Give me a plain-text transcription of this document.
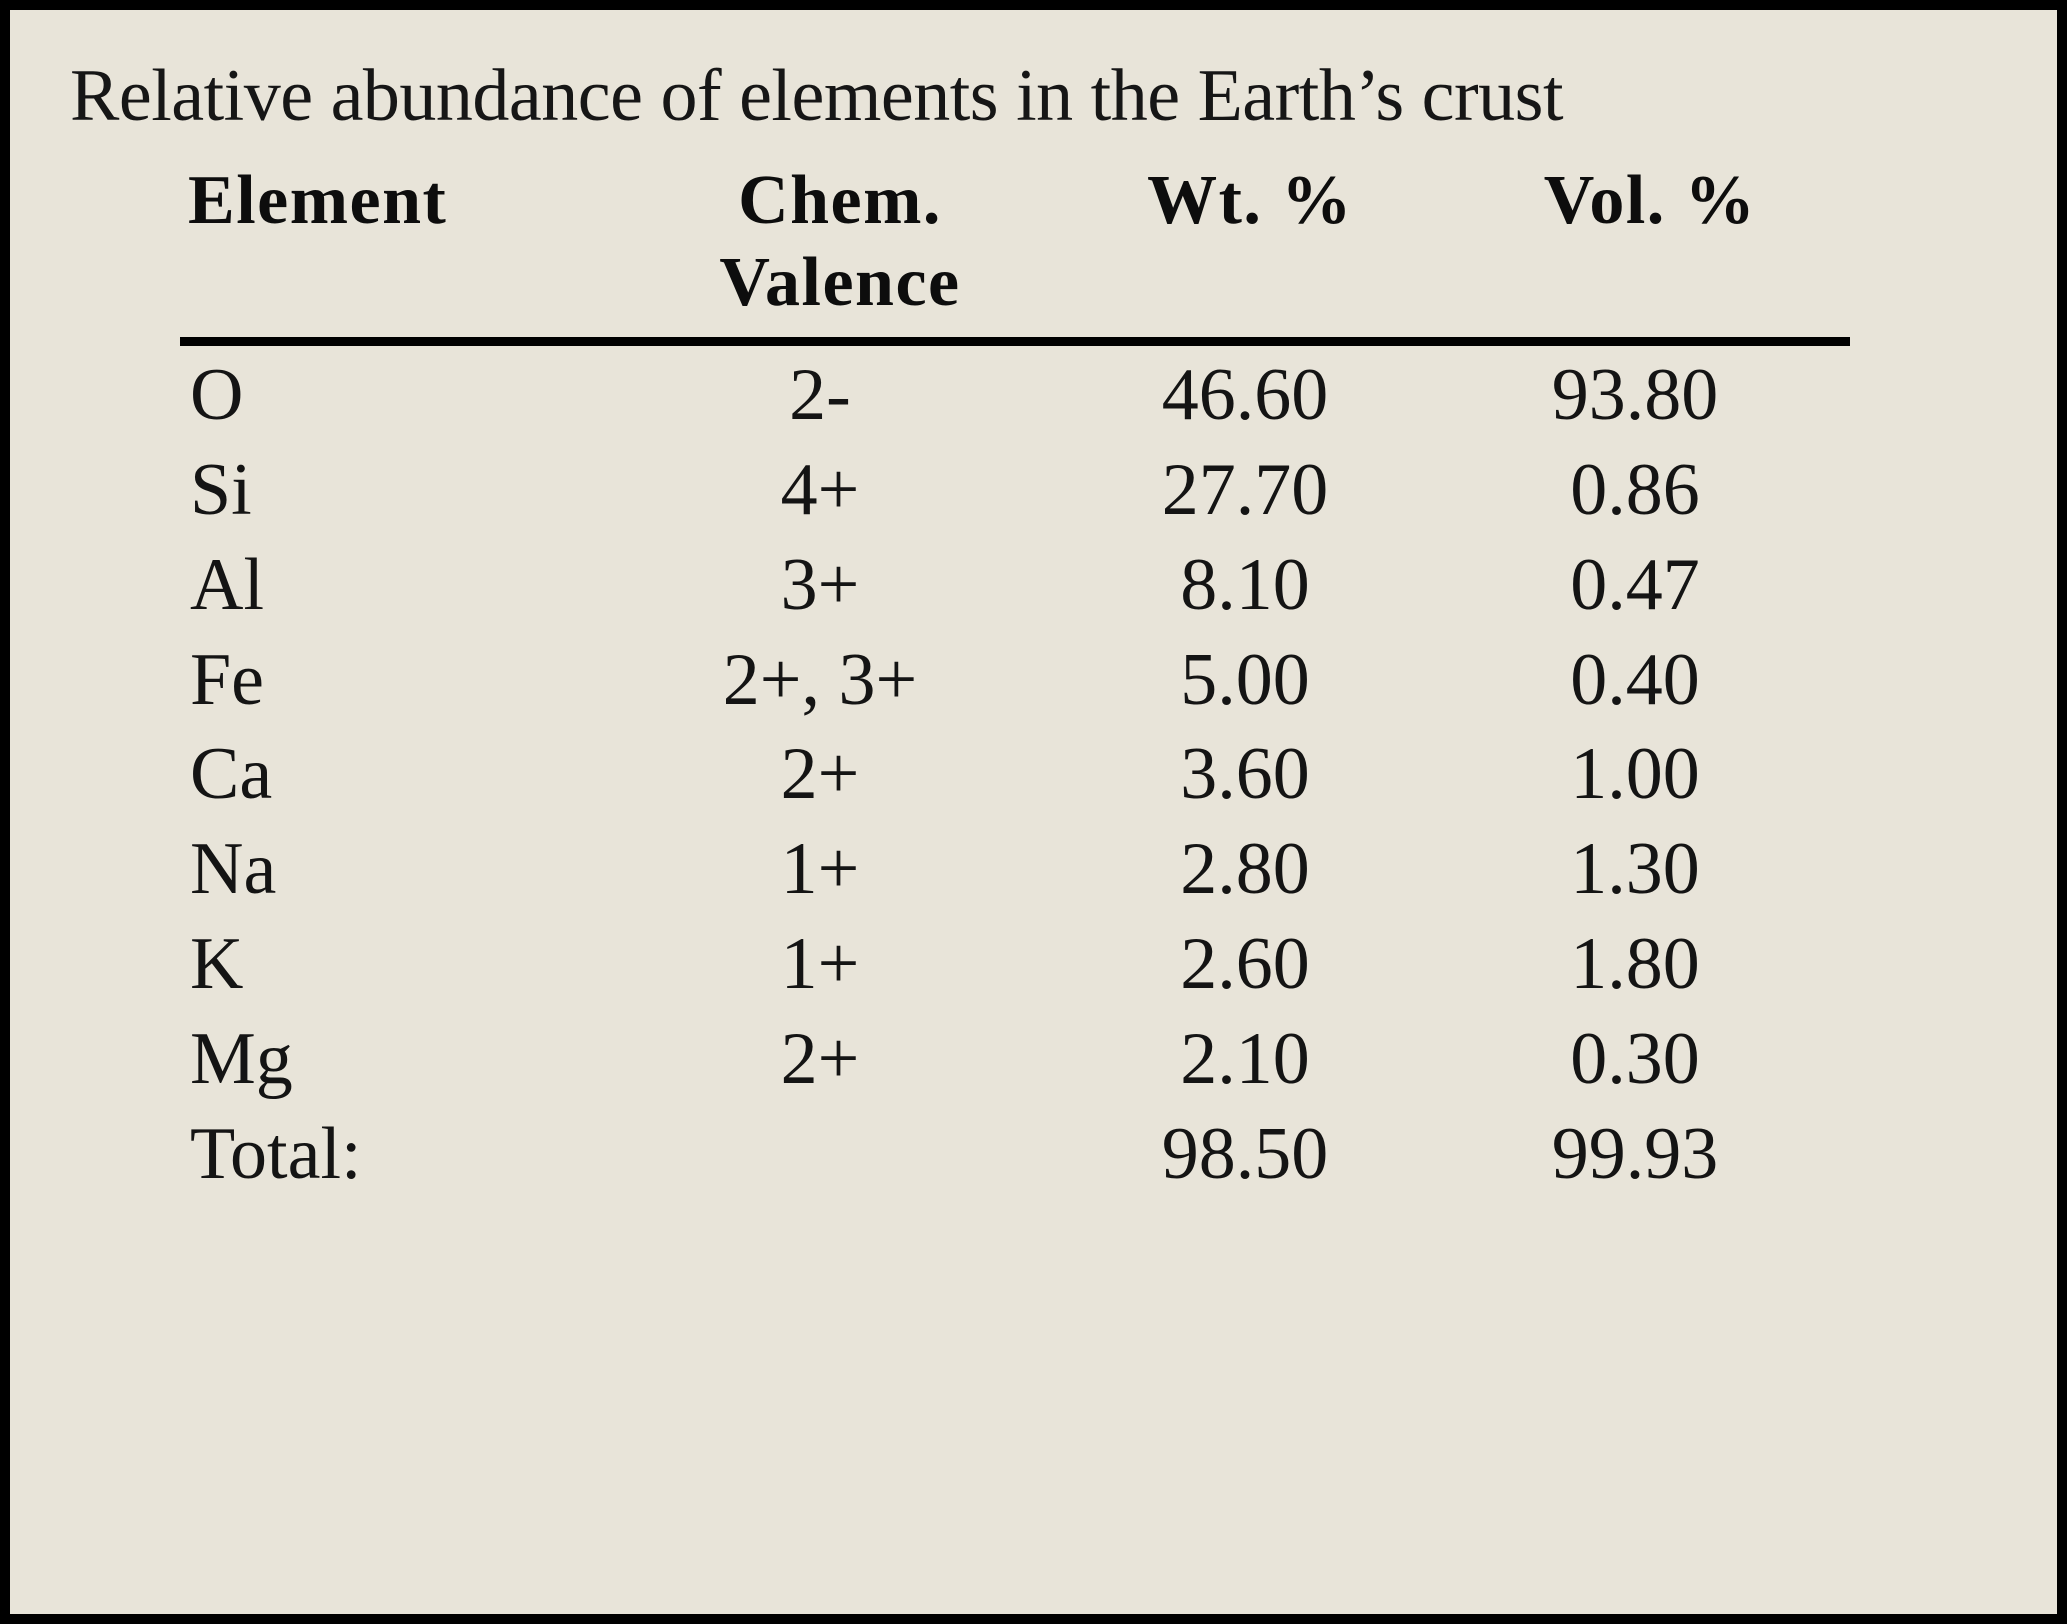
Relative abundance of elements in the Earth’s crust
Element	Chem.	Wt. %	Vol. %
	Valence		

O	2-	46.60	93.80
Si	4+	27.70	0.86
Al	3+	8.10	0.47
Fe	2+, 3+	5.00	0.40
Ca	2+	3.60	1.00
Na	1+	2.80	1.30
K	1+	2.60	1.80
Mg	2+	2.10	0.30
Total:		98.50	99.93
